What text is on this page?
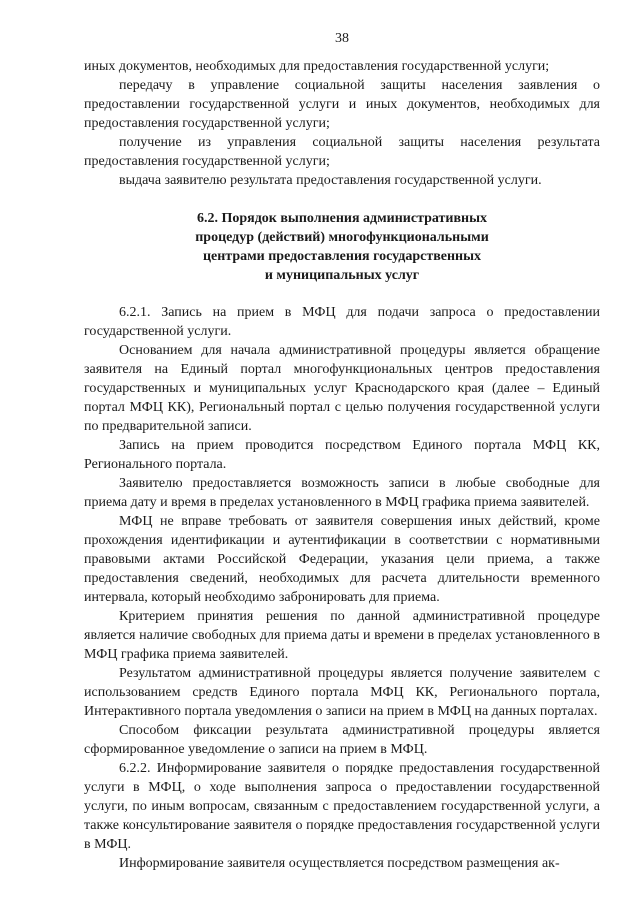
38

иных документов, необходимых для предоставления государственной услуги;

передачу в управление социальной защиты населения заявления о предоставлении государственной услуги и иных документов, необходимых для предоставления государственной услуги;

получение из управления социальной защиты населения результата предоставления государственной услуги;

выдача заявителю результата предоставления государственной услуги.

6.2. Порядок выполнения административных
процедур (действий) многофункциональными
центрами предоставления государственных
и муниципальных услуг

6.2.1. Запись на прием в МФЦ для подачи запроса о предоставлении государственной услуги.

Основанием для начала административной процедуры является обращение заявителя на Единый портал многофункциональных центров предоставления государственных и муниципальных услуг Краснодарского края (далее – Единый портал МФЦ КК), Региональный портал с целью получения государственной услуги по предварительной записи.

Запись на прием проводится посредством Единого портала МФЦ КК, Регионального портала.

Заявителю предоставляется возможность записи в любые свободные для приема дату и время в пределах установленного в МФЦ графика приема заявителей.

МФЦ не вправе требовать от заявителя совершения иных действий, кроме прохождения идентификации и аутентификации в соответствии с нормативными правовыми актами Российской Федерации, указания цели приема, а также предоставления сведений, необходимых для расчета длительности временного интервала, который необходимо забронировать для приема.

Критерием принятия решения по данной административной процедуре является наличие свободных для приема даты и времени в пределах установленного в МФЦ графика приема заявителей.

Результатом административной процедуры является получение заявителем с использованием средств Единого портала МФЦ КК, Регионального портала, Интерактивного портала уведомления о записи на прием в МФЦ на данных порталах.

Способом фиксации результата административной процедуры является сформированное уведомление о записи на прием в МФЦ.

6.2.2. Информирование заявителя о порядке предоставления государственной услуги в МФЦ, о ходе выполнения запроса о предоставлении государственной услуги, по иным вопросам, связанным с предоставлением государственной услуги, а также консультирование заявителя о порядке предоставления государственной услуги в МФЦ.

Информирование заявителя осуществляется посредством размещения ак-
